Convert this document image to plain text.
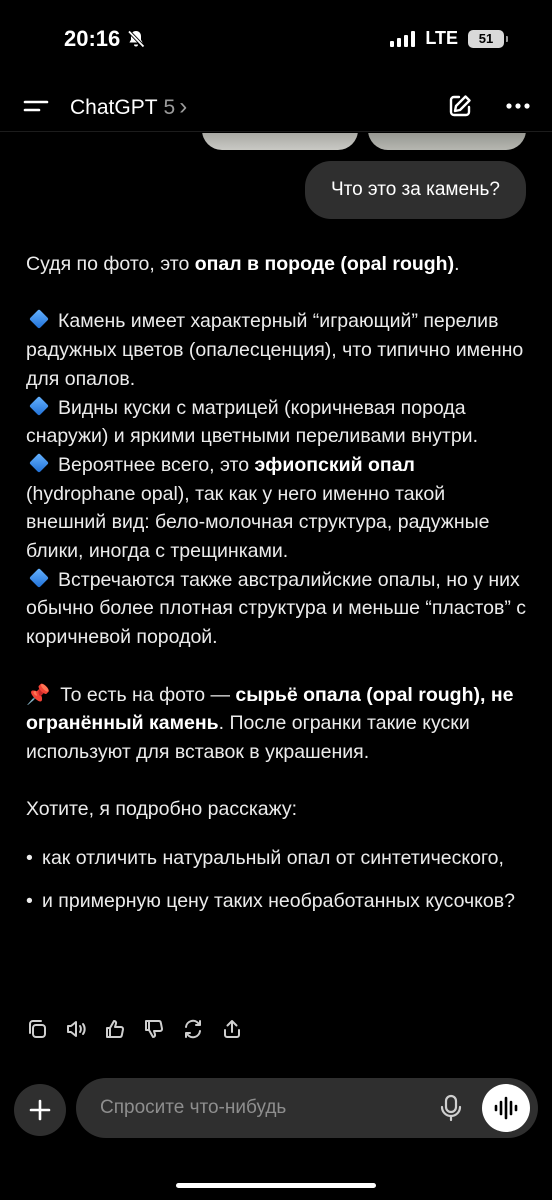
20:16	LTE 51
ChatGPT 5 ›
Что это за камень?

Судя по фото, это опал в породе (opal rough).

Камень имеет характерный “играющий” перелив радужных цветов (опалесценция), что типично именно для опалов.

Видны куски с матрицей (коричневая порода снаружи) и яркими цветными переливами внутри.

Вероятнее всего, это эфиопский опал (hydrophane opal), так как у него именно такой внешний вид: бело-молочная структура, радужные блики, иногда с трещинками.

Встречаются также австралийские опалы, но у них обычно более плотная структура и меньше “пластов” с коричневой породой.

📌 То есть на фото — сырьё опала (opal rough), не огранённый камень. После огранки такие куски используют для вставок в украшения.

Хотите, я подробно расскажу:

• как отличить натуральный опал от синтетического,
• и примерную цену таких необработанных кусочков?
Спросите что-нибудь
